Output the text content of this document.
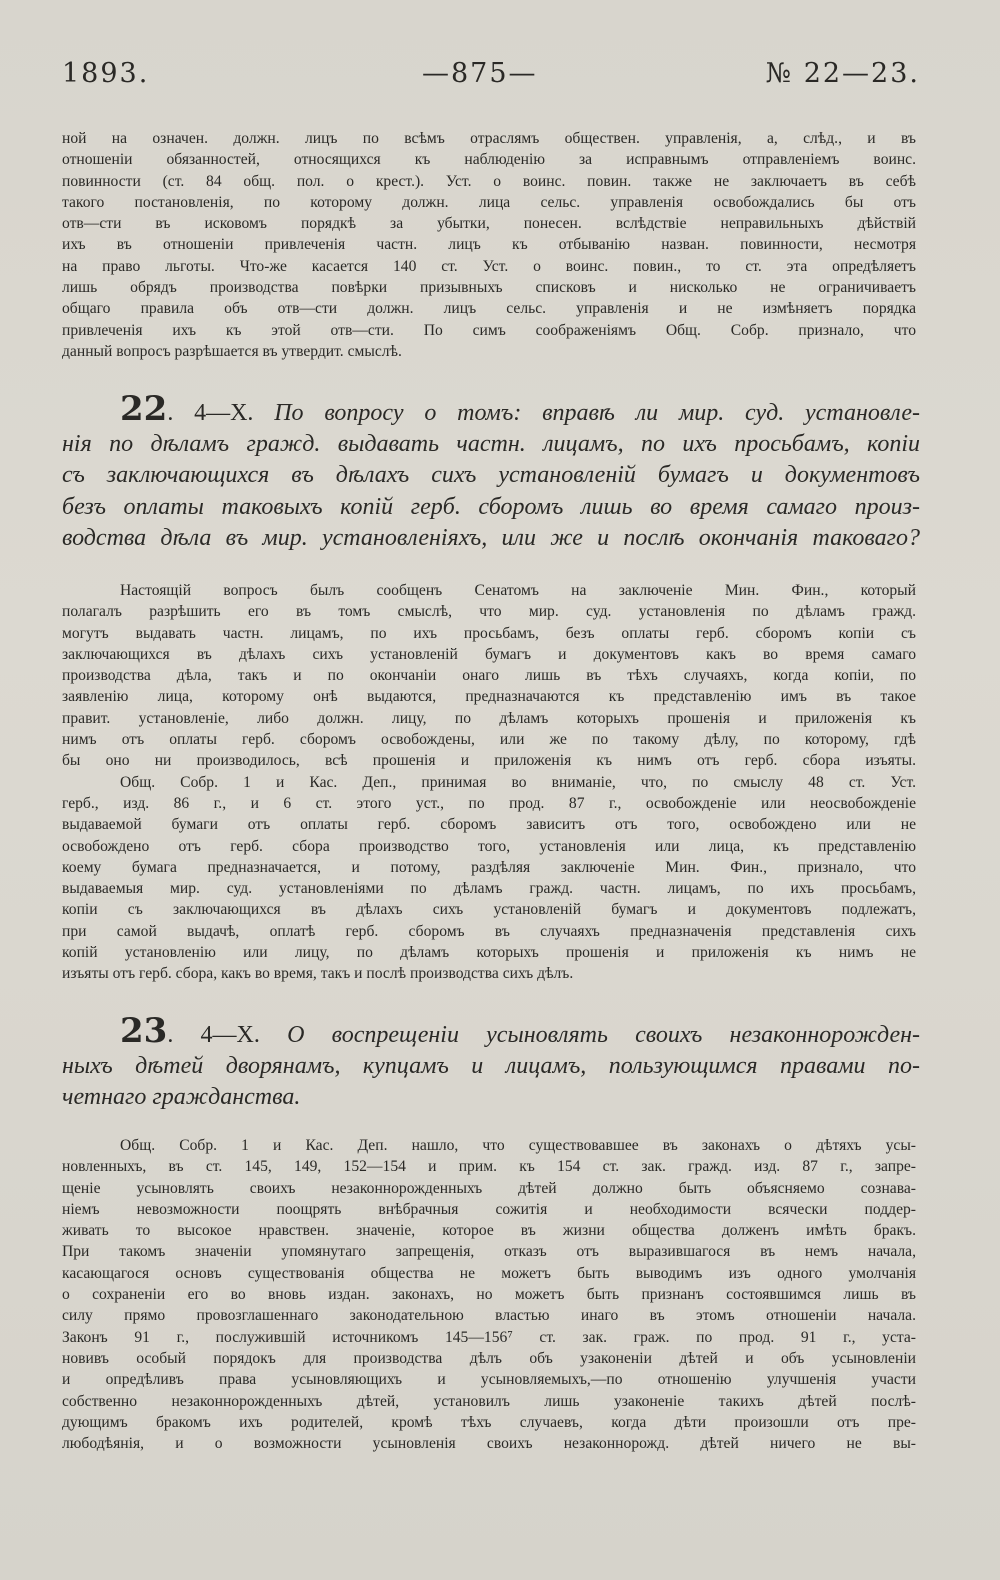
1893.	—875—	№ 22—23.
ной на означен. должн. лицъ по всѣмъ отраслямъ обществен. управленія, а, слѣд., и въ
отношеніи обязанностей, относящихся къ наблюденію за исправнымъ отправленіемъ воинс.
повинности (ст. 84 общ. пол. о крест.). Уст. о воинс. повин. также не заключаетъ въ себѣ
такого постановленія, по которому должн. лица сельс. управленія освобождались бы отъ
отв—сти въ исковомъ порядкѣ за убытки, понесен. вслѣдствіе неправильныхъ дѣйствій
ихъ въ отношеніи привлеченія частн. лицъ къ отбыванію назван. повинности, несмотря
на право льготы. Что-же касается 140 ст. Уст. о воинс. повин., то ст. эта опредѣляетъ
лишь обрядъ производства повѣрки призывныхъ списковъ и нисколько не ограничиваетъ
общаго правила объ отв—сти должн. лицъ сельс. управленія и не измѣняетъ порядка
привлеченія ихъ къ этой отв—сти. По симъ соображеніямъ Общ. Собр. признало, что
данный вопросъ разрѣшается въ утвердит. смыслѣ.
22. 4—X. По вопросу о томъ: вправѣ ли мир. суд. установле-
нія по дѣламъ гражд. выдавать частн. лицамъ, по ихъ просьбамъ, копіи
съ заключающихся въ дѣлахъ сихъ установленій бумагъ и документовъ
безъ оплаты таковыхъ копій герб. сборомъ лишь во время самаго произ-
водства дѣла въ мир. установленіяхъ, или же и послѣ окончанія таковаго?
Настоящій вопросъ былъ сообщенъ Сенатомъ на заключеніе Мин. Фин., который
полагалъ разрѣшить его въ томъ смыслѣ, что мир. суд. установленія по дѣламъ гражд.
могутъ выдавать частн. лицамъ, по ихъ просьбамъ, безъ оплаты герб. сборомъ копіи съ
заключающихся въ дѣлахъ сихъ установленій бумагъ и документовъ какъ во время самаго
производства дѣла, такъ и по окончаніи онаго лишь въ тѣхъ случаяхъ, когда копіи, по
заявленію лица, которому онѣ выдаются, предназначаются къ представленію имъ въ такое
правит. установленіе, либо должн. лицу, по дѣламъ которыхъ прошенія и приложенія къ
нимъ отъ оплаты герб. сборомъ освобождены, или же по такому дѣлу, по которому, гдѣ
бы оно ни производилось, всѣ прошенія и приложенія къ нимъ отъ герб. сбора изъяты.
Общ. Собр. 1 и Кас. Деп., принимая во вниманіе, что, по смыслу 48 ст. Уст.
герб., изд. 86 г., и 6 ст. этого уст., по прод. 87 г., освобожденіе или неосвобожденіе
выдаваемой бумаги отъ оплаты герб. сборомъ зависитъ отъ того, освобождено или не
освобождено отъ герб. сбора производство того, установленія или лица, къ представленію
коему бумага предназначается, и потому, раздѣляя заключеніе Мин. Фин., признало, что
выдаваемыя мир. суд. установленіями по дѣламъ гражд. частн. лицамъ, по ихъ просьбамъ,
копіи съ заключающихся въ дѣлахъ сихъ установленій бумагъ и документовъ подлежатъ,
при самой выдачѣ, оплатѣ герб. сборомъ въ случаяхъ предназначенія представленія сихъ
копій установленію или лицу, по дѣламъ которыхъ прошенія и приложенія къ нимъ не
изъяты отъ герб. сбора, какъ во время, такъ и послѣ производства сихъ дѣлъ.
23. 4—X. О воспрещеніи усыновлять своихъ незаконнорожден-
ныхъ дѣтей дворянамъ, купцамъ и лицамъ, пользующимся правами по-
четнаго гражданства.
Общ. Собр. 1 и Кас. Деп. нашло, что существовавшее въ законахъ о дѣтяхъ усы-
новленныхъ, въ ст. 145, 149, 152—154 и прим. къ 154 ст. зак. гражд. изд. 87 г., запре-
щеніе усыновлять своихъ незаконнорожденныхъ дѣтей должно быть объясняемо сознава-
ніемъ невозможности поощрять внѣбрачныя сожитія и необходимости всячески поддер-
живать то высокое нравствен. значеніе, которое въ жизни общества долженъ имѣть бракъ.
При такомъ значеніи упомянутаго запрещенія, отказъ отъ выразившагося въ немъ начала,
касающагося основъ существованія общества не можетъ быть выводимъ изъ одного умолчанія
о сохраненіи его во вновь издан. законахъ, но можетъ быть признанъ состоявшимся лишь въ
силу прямо провозглашеннаго законодательною властью инаго въ этомъ отношеніи начала.
Законъ 91 г., послужившій источникомъ 145—156⁷ ст. зак. граж. по прод. 91 г., уста-
новивъ особый порядокъ для производства дѣлъ объ узаконеніи дѣтей и объ усыновленіи
и опредѣливъ права усыновляющихъ и усыновляемыхъ,—по отношенію улучшенія участи
собственно незаконнорожденныхъ дѣтей, установилъ лишь узаконеніе такихъ дѣтей послѣ-
дующимъ бракомъ ихъ родителей, кромѣ тѣхъ случаевъ, когда дѣти произошли отъ пре-
любодѣянія, и о возможности усыновленія своихъ незаконнорожд. дѣтей ничего не вы-
